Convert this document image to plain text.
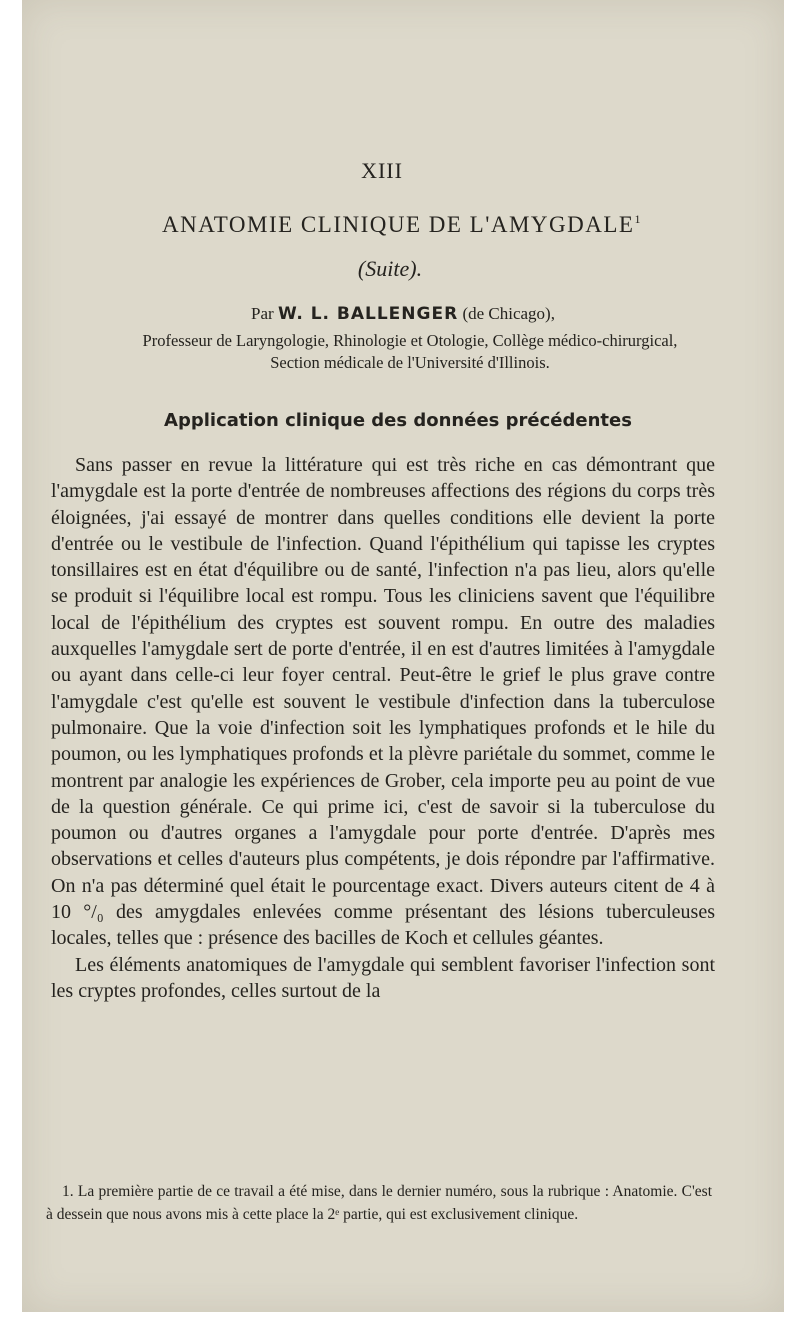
XIII
ANATOMIE CLINIQUE DE L'AMYGDALE$^1$
(Suite).
Par W. L. BALLENGER (de Chicago),
Professeur de Laryngologie, Rhinologie et Otologie, Collège médico-chirurgical, Section médicale de l'Université d'Illinois.
Application clinique des données précédentes

Sans passer en revue la littérature qui est très riche en cas démontrant que l'amygdale est la porte d'entrée de nombreuses affections des régions du corps très éloignées, j'ai essayé de montrer dans quelles conditions elle devient la porte d'entrée ou le vestibule de l'infection. Quand l'épithélium qui tapisse les cryptes tonsillaires est en état d'équilibre ou de santé, l'infection n'a pas lieu, alors qu'elle se produit si l'équilibre local est rompu. Tous les cliniciens savent que l'équilibre local de l'épithélium des cryptes est souvent rompu. En outre des maladies auxquelles l'amygdale sert de porte d'entrée, il en est d'autres limitées à l'amygdale ou ayant dans celle-ci leur foyer central. Peut-être le grief le plus grave contre l'amygdale c'est qu'elle est souvent le vestibule d'infection dans la tuberculose pulmonaire. Que la voie d'infection soit les lymphatiques profonds et le hile du poumon, ou les lymphatiques profonds et la plèvre pariétale du sommet, comme le montrent par analogie les expériences de Grober, cela importe peu au point de vue de la question générale. Ce qui prime ici, c'est de savoir si la tuberculose du poumon ou d'autres organes a l'amygdale pour porte d'entrée. D'après mes observations et celles d'auteurs plus compétents, je dois répondre par l'affirmative. On n'a pas déterminé quel était le pourcentage exact. Divers auteurs citent de 4 à 10 °/₀ des amygdales enlevées comme présentant des lésions tuberculeuses locales, telles que : présence des bacilles de Koch et cellules géantes.

Les éléments anatomiques de l'amygdale qui semblent favoriser l'infection sont les cryptes profondes, celles surtout de la

1. La première partie de ce travail a été mise, dans le dernier numéro, sous la rubrique : Anatomie. C'est à dessein que nous avons mis à cette place la 2ᵉ partie, qui est exclusivement clinique.
